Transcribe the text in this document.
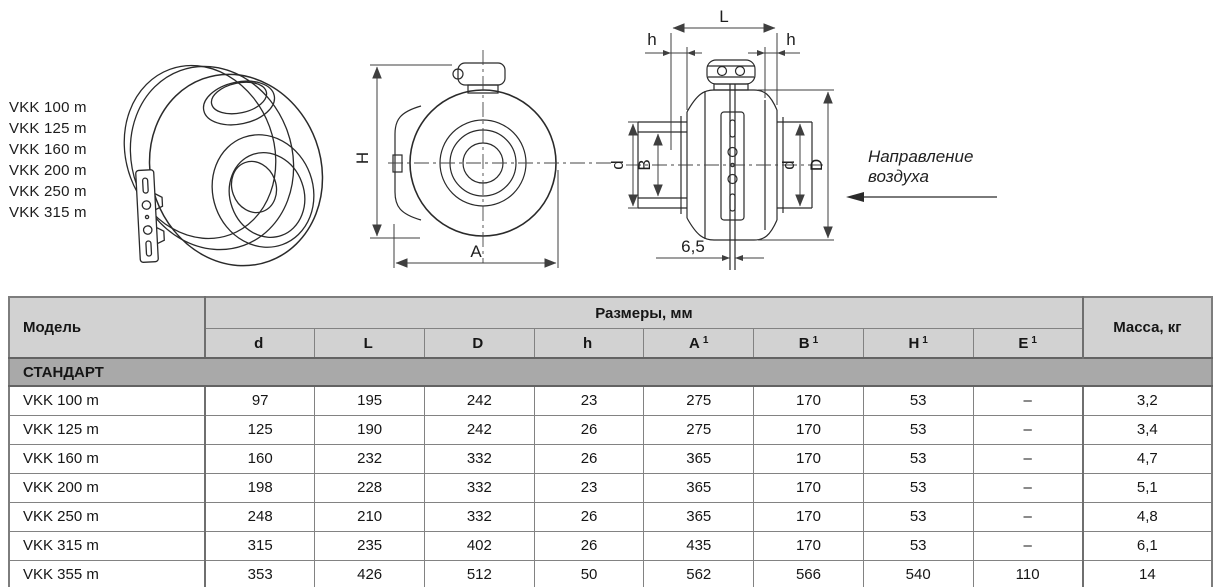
VKK 100 m
VKK 125 m
VKK 160 m
VKK 200 m
VKK 250 m
VKK 315 m
H
A
L
h	h
d B	d D
6,5
Направление
воздуха
Модель	Размеры, мм								Масса, кг
	d	L	D	h	A $^1$	B $^1$	H $^1$	E $^1$
СТАНДАРТ									
VKK 100 m	97	195	242	23	275	170	53	–	3,2
VKK 125 m	125	190	242	26	275	170	53	–	3,4
VKK 160 m	160	232	332	26	365	170	53	–	4,7
VKK 200 m	198	228	332	23	365	170	53	–	5,1
VKK 250 m	248	210	332	26	365	170	53	–	4,8
VKK 315 m	315	235	402	26	435	170	53	–	6,1
VKK 355 m	353	426	512	50	562	566	540	110	14
